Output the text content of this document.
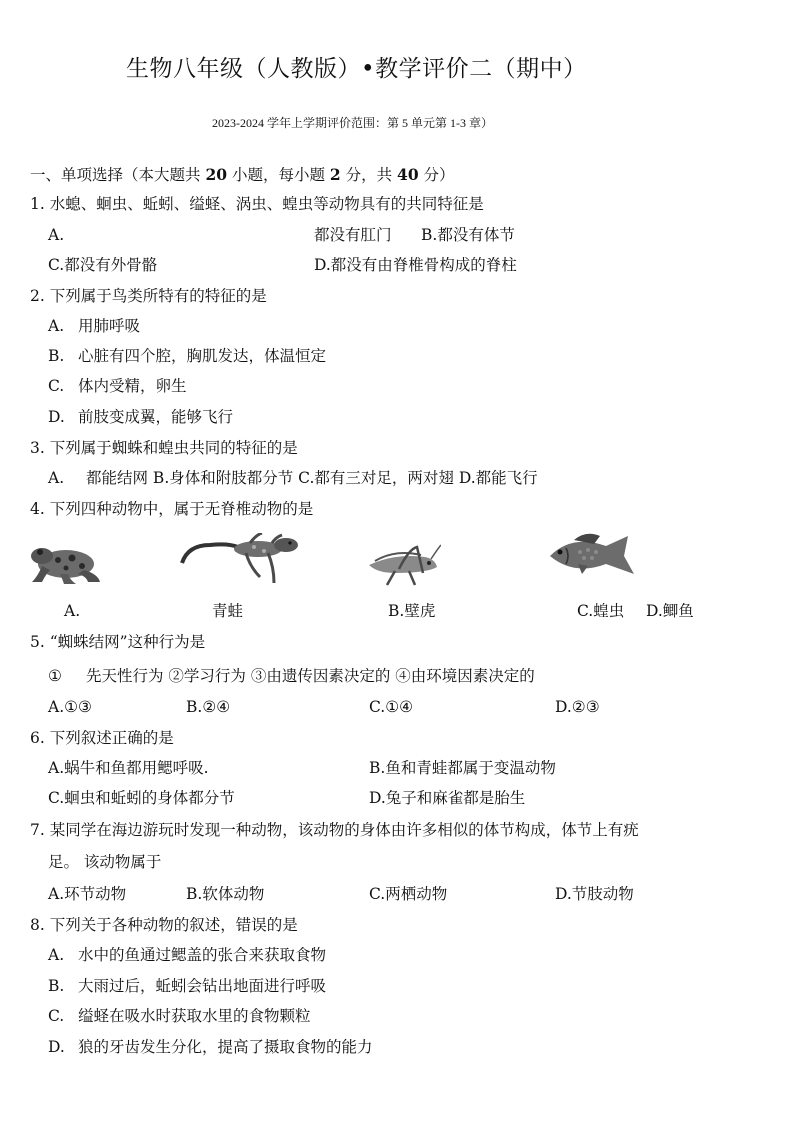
生物八年级（人教版）•教学评价二（期中）
2023-2024 学年上学期评价范围：第 5 单元第 1-3 章）
一、单项选择（本大题共 20 小题，每小题 2 分，共 40 分）
1. 水螅、蛔虫、蚯蚓、缢蛏、涡虫、蝗虫等动物具有的共同特征是
A.	都没有肛门 B.都没有体节
C.都没有外骨骼	D.都没有由脊椎骨构成的脊柱
2. 下列属于鸟类所特有的特征的是
A. 用肺呼吸
B. 心脏有四个腔，胸肌发达，体温恒定
C. 体内受精，卵生
D. 前肢变成翼，能够飞行
3. 下列属于蜘蛛和蝗虫共同的特征的是
A. 都能结网 B.身体和附肢都分节 C.都有三对足，两对翅 D.都能飞行
4. 下列四种动物中，属于无脊椎动物的是
A.	青蛙	B.壁虎	C.蝗虫 D.鲫鱼
5. “蜘蛛结网”这种行为是
① 先天性行为 ②学习行为 ③由遗传因素决定的 ④由环境因素决定的
A.①③	B.②④	C.①④	D.②③
6. 下列叙述正确的是
A.蜗牛和鱼都用鳃呼吸.	B.鱼和青蛙都属于变温动物
C.蛔虫和蚯蚓的身体都分节	D.兔子和麻雀都是胎生
7. 某同学在海边游玩时发现一种动物，该动物的身体由许多相似的体节构成，体节上有疣
足。 该动物属于
A.环节动物	B.软体动物	C.两栖动物	D.节肢动物
8. 下列关于各种动物的叙述，错误的是
A. 水中的鱼通过鳃盖的张合来获取食物
B. 大雨过后，蚯蚓会钻出地面进行呼吸
C. 缢蛏在吸水时获取水里的食物颗粒
D. 狼的牙齿发生分化，提高了摄取食物的能力
